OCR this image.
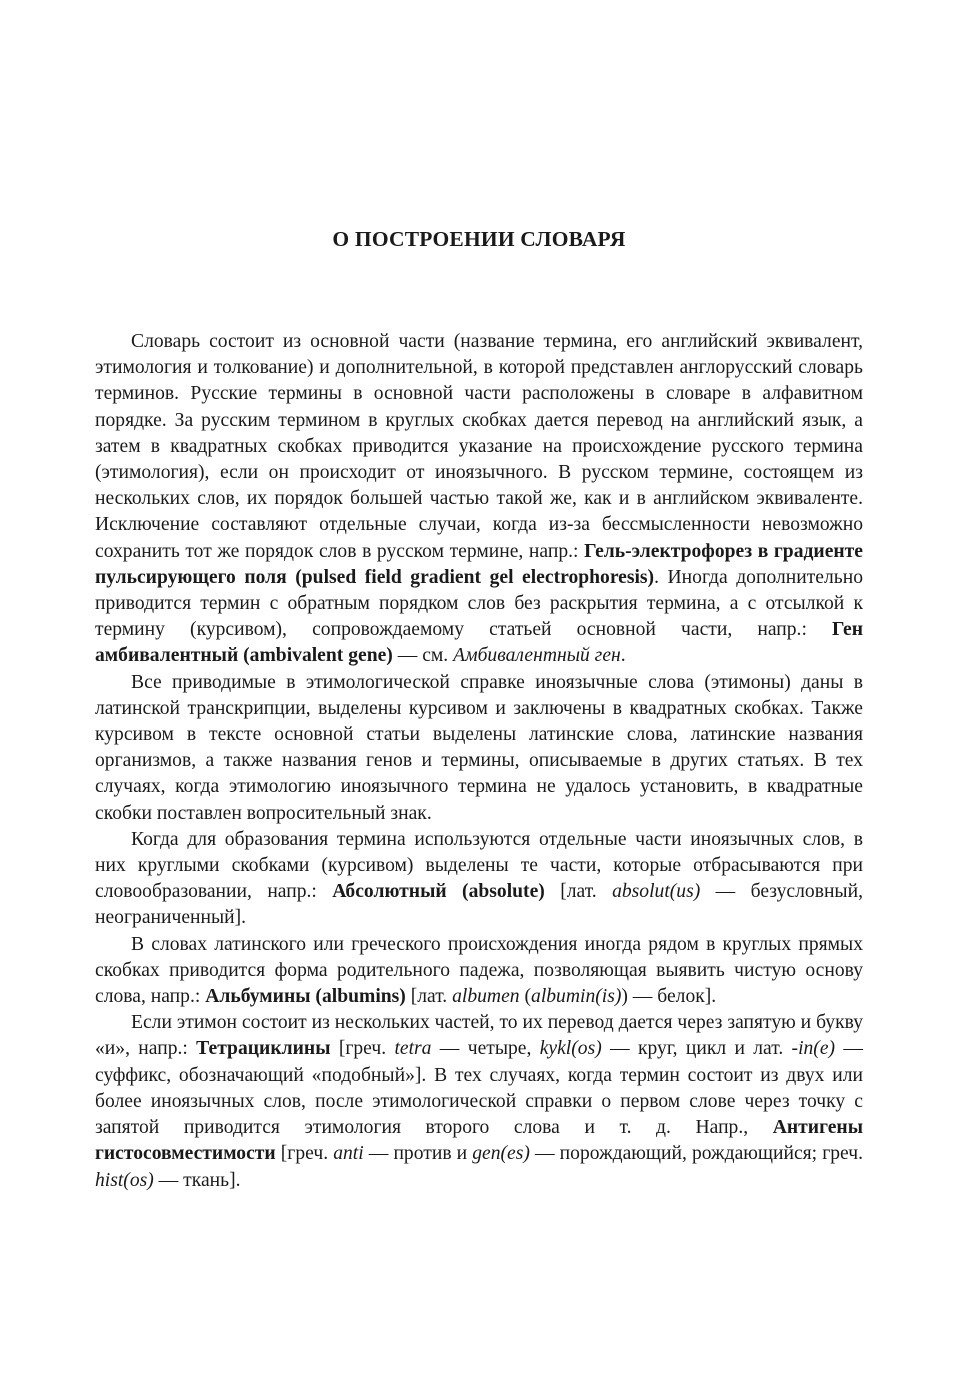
О ПОСТРОЕНИИ СЛОВАРЯ

Словарь состоит из основной части (название термина, его английский эквивалент, этимология и толкование) и дополнительной, в которой представлен англорусский словарь терминов. Русские термины в основной части расположены в словаре в алфавитном порядке. За русским термином в круглых скобках дается перевод на английский язык, а затем в квадратных скобках приводится указание на происхождение русского термина (этимология), если он происходит от иноязычного. В русском термине, состоящем из нескольких слов, их порядок большей частью такой же, как и в английском эквиваленте. Исключение составляют отдельные случаи, когда из-за бессмысленности невозможно сохранить тот же порядок слов в русском термине, напр.: Гель-электрофорез в градиенте пульсирующего поля (pulsed field gradient gel electrophoresis). Иногда дополнительно приводится термин с обратным порядком слов без раскрытия термина, а с отсылкой к термину (курсивом), сопровождаемому статьей основной части, напр.: Ген амбивалентный (ambivalent gene) — см. Амбивалентный ген.

Все приводимые в этимологической справке иноязычные слова (этимоны) даны в латинской транскрипции, выделены курсивом и заключены в квадратных скобках. Также курсивом в тексте основной статьи выделены латинские слова, латинские названия организмов, а также названия генов и термины, описываемые в других статьях. В тех случаях, когда этимологию иноязычного термина не удалось установить, в квадратные скобки поставлен вопросительный знак.

Когда для образования термина используются отдельные части иноязычных слов, в них круглыми скобками (курсивом) выделены те части, которые отбрасываются при словообразовании, напр.: Абсолютный (absolute) [лат. absolut(us) — безусловный, неограниченный].

В словах латинского или греческого происхождения иногда рядом в круглых прямых скобках приводится форма родительного падежа, позволяющая выявить чистую основу слова, напр.: Альбумины (albumins) [лат. albumen (albumin(is)) — белок].

Если этимон состоит из нескольких частей, то их перевод дается через запятую и букву «и», напр.: Тетрациклины [греч. tetra — четыре, kykl(os) — круг, цикл и лат. -in(e) — суффикс, обозначающий «подобный»]. В тех случаях, когда термин состоит из двух или более иноязычных слов, после этимологической справки о первом слове через точку с запятой приводится этимология второго слова и т. д. Напр., Антигены гистосовместимости [греч. anti — против и gen(es) — порождающий, рождающийся; греч. hist(os) — ткань].
